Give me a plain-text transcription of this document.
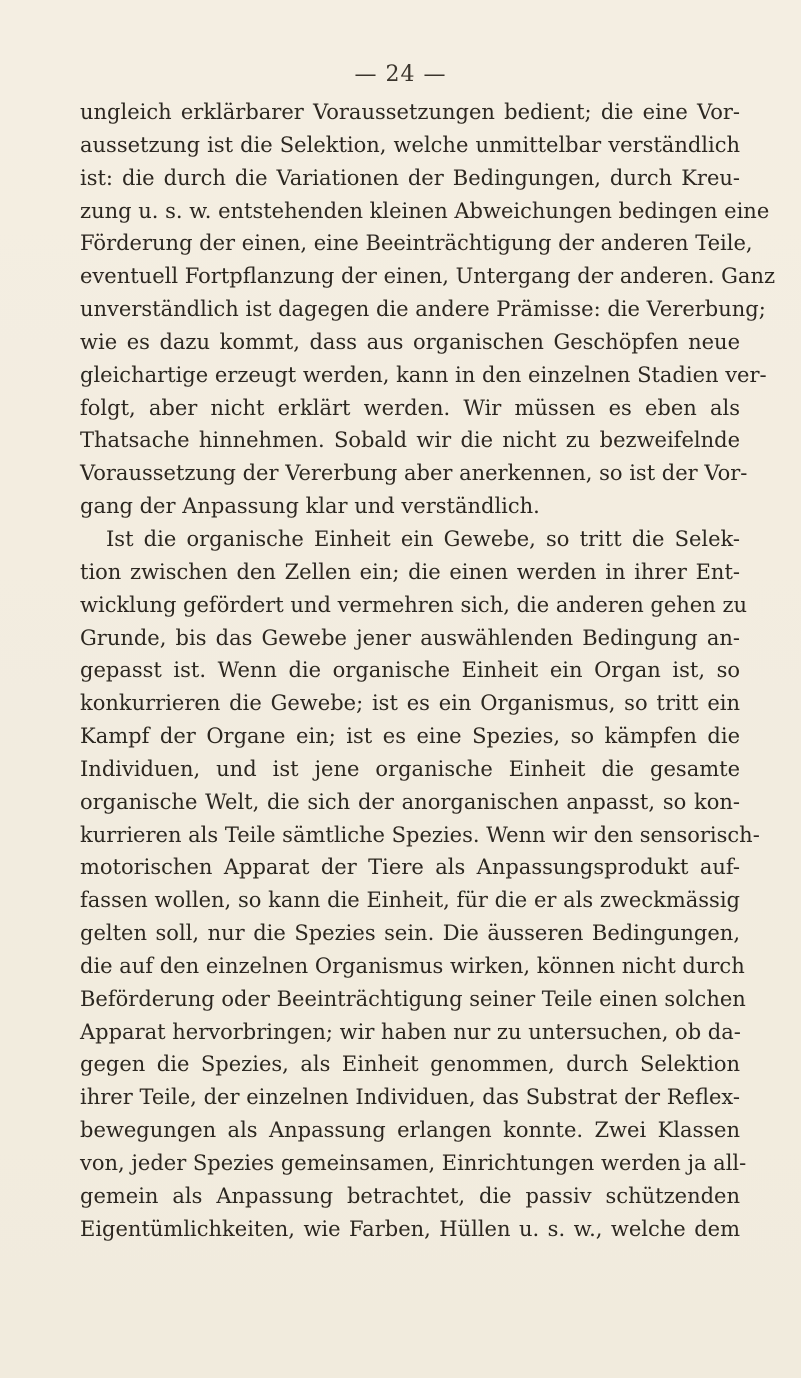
— 24 —
ungleich erklärbarer Voraussetzungen bedient; die eine Vor-
aussetzung ist die Selektion, welche unmittelbar verständlich
ist: die durch die Variationen der Bedingungen, durch Kreu-
zung u. s. w. entstehenden kleinen Abweichungen bedingen eine
Förderung der einen, eine Beeinträchtigung der anderen Teile,
eventuell Fortpflanzung der einen, Untergang der anderen. Ganz
unverständlich ist dagegen die andere Prämisse: die Vererbung;
wie es dazu kommt, dass aus organischen Geschöpfen neue
gleichartige erzeugt werden, kann in den einzelnen Stadien ver-
folgt, aber nicht erklärt werden. Wir müssen es eben als
Thatsache hinnehmen. Sobald wir die nicht zu bezweifelnde
Voraussetzung der Vererbung aber anerkennen, so ist der Vor-
gang der Anpassung klar und verständlich.
Ist die organische Einheit ein Gewebe, so tritt die Selek-
tion zwischen den Zellen ein; die einen werden in ihrer Ent-
wicklung gefördert und vermehren sich, die anderen gehen zu
Grunde, bis das Gewebe jener auswählenden Bedingung an-
gepasst ist. Wenn die organische Einheit ein Organ ist, so
konkurrieren die Gewebe; ist es ein Organismus, so tritt ein
Kampf der Organe ein; ist es eine Spezies, so kämpfen die
Individuen, und ist jene organische Einheit die gesamte
organische Welt, die sich der anorganischen anpasst, so kon-
kurrieren als Teile sämtliche Spezies. Wenn wir den sensorisch-
motorischen Apparat der Tiere als Anpassungsprodukt auf-
fassen wollen, so kann die Einheit, für die er als zweckmässig
gelten soll, nur die Spezies sein. Die äusseren Bedingungen,
die auf den einzelnen Organismus wirken, können nicht durch
Beförderung oder Beeinträchtigung seiner Teile einen solchen
Apparat hervorbringen; wir haben nur zu untersuchen, ob da-
gegen die Spezies, als Einheit genommen, durch Selektion
ihrer Teile, der einzelnen Individuen, das Substrat der Reflex-
bewegungen als Anpassung erlangen konnte. Zwei Klassen
von, jeder Spezies gemeinsamen, Einrichtungen werden ja all-
gemein als Anpassung betrachtet, die passiv schützenden
Eigentümlichkeiten, wie Farben, Hüllen u. s. w., welche dem
